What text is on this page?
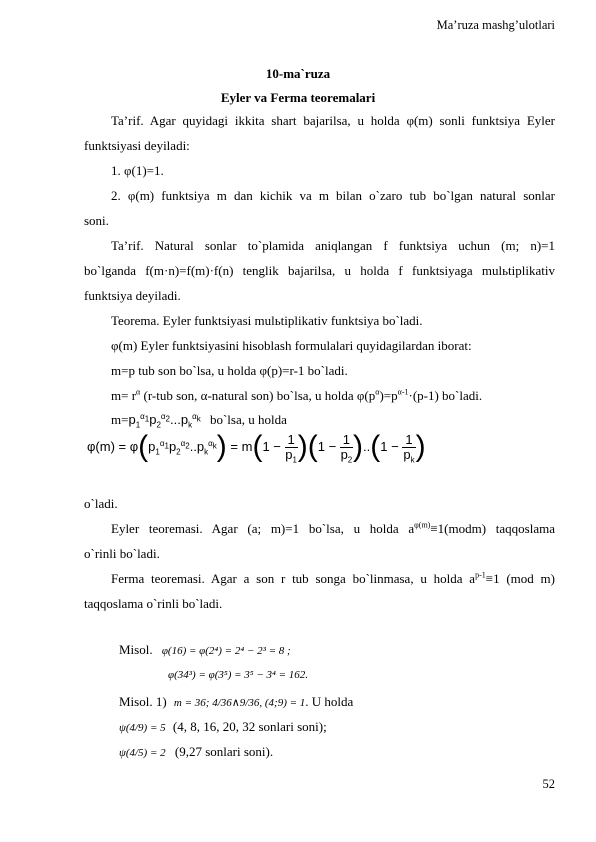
Ma’ruza mashg’ulotlari
10-ma`ruza
Eyler va Ferma teoremalari
Ta’rif. Agar quyidagi ikkita shart bajarilsa, u holda φ(m) sonli funktsiya Eyler
funktsiyasi deyiladi:
1. φ(1)=1.
2. φ(m) funktsiya m dan kichik va m bilan o`zaro tub bo`lgan natural sonlar
soni.
Ta’rif. Natural sonlar to`plamida aniqlangan f funktsiya uchun (m; n)=1
bo`lganda f(m·n)=f(m)·f(n) tenglik bajarilsa, u holda f funktsiyaga mulьtiplikativ
funktsiya deyiladi.
Teorema. Eyler funktsiyasi mulьtiplikativ funktsiya bo`ladi.
φ(m) Eyler funktsiyasini hisoblash formulalari quyidagilardan iborat:
m=p tub son bo`lsa, u holda φ(p)=r-1 bo`ladi.
$m= r^\alpha$ (r-tub son, α-natural son) bo`lsa, u holda $\varphi(p^\alpha)=p^{\alpha-1}\cdot(p-1)$ bo`ladi.
$m=p_1^{\alpha_1}p_2^{\alpha_2}...p_k^{\alpha_k}$ bo`lsa, u holda
$\varphi(m) = \varphi(p_1^{\alpha_1}p_2^{\alpha_2}..p_k^{\alpha_k}) = m(1 - \frac{1}{p_1} )(1 - \frac{1}{p_2} )..(1 - \frac{1}{p_k}$ )
o`ladi.
Eyler teoremasi. Agar (a; m)=1 bo`lsa, u holda $a^{\varphi(m)}\equiv 1(modm)$ taqqoslama
o`rinli bo`ladi.
Ferma teoremasi. Agar a son r tub songa bo`linmasa, u holda $a^{p-1}\equiv 1$ (mod m)
taqqoslama o`rinli bo`ladi.
Misol. φ(16) = φ(2⁴) = 2⁴ − 2³ = 8 ;
φ(34³) = φ(3⁵) = 3⁵ − 3⁴ = 162.
Misol. 1) m = 36; 4/36∧9/36, (4;9) = 1. U holda
ψ(4/9) = 5 (4, 8, 16, 20, 32 sonlari soni);
ψ(4/5) = 2 (9,27 sonlari soni).
52
